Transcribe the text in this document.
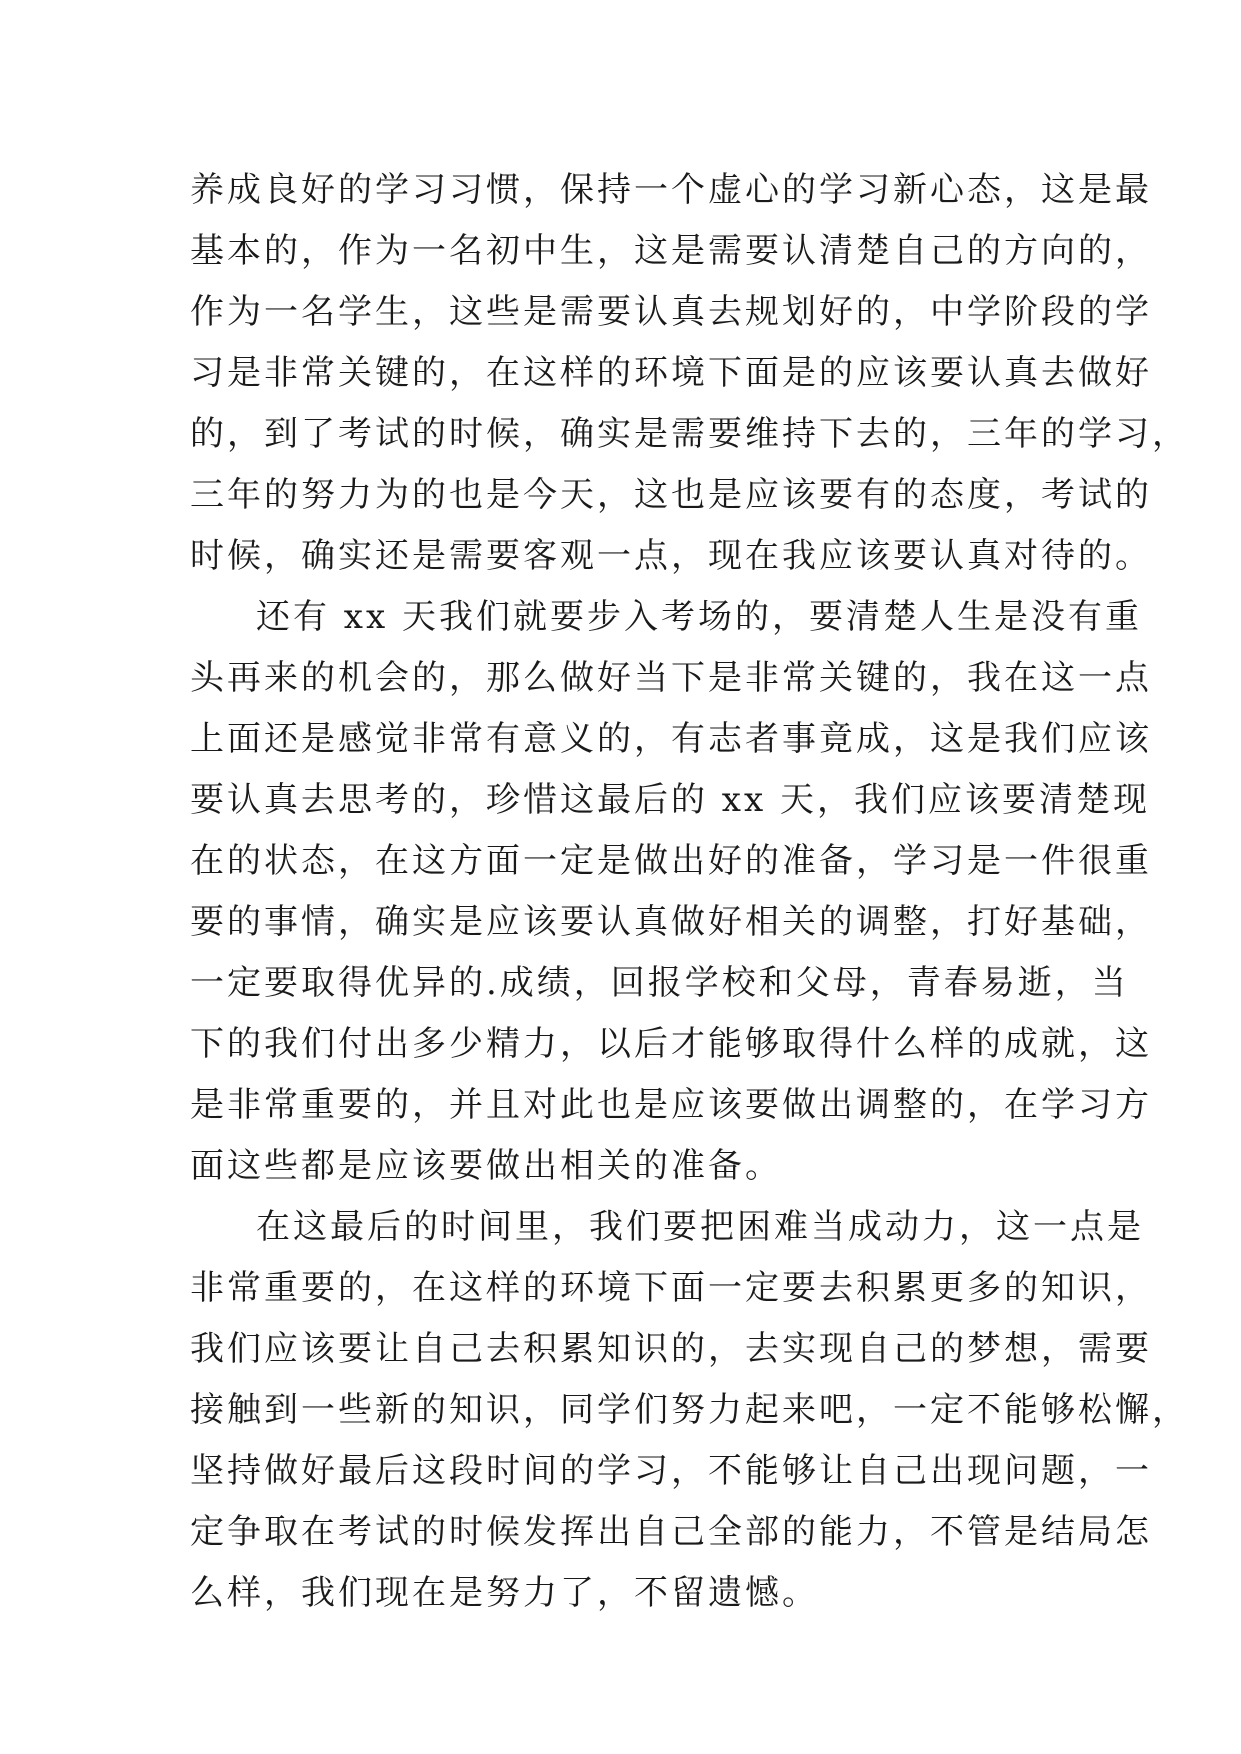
养成良好的学习习惯，保持一个虚心的学习新心态，这是最
基本的，作为一名初中生，这是需要认清楚自己的方向的，
作为一名学生，这些是需要认真去规划好的，中学阶段的学
习是非常关键的，在这样的环境下面是的应该要认真去做好
的，到了考试的时候，确实是需要维持下去的，三年的学习，
三年的努力为的也是今天，这也是应该要有的态度，考试的
时候，确实还是需要客观一点，现在我应该要认真对待的。
还有 xx 天我们就要步入考场的，要清楚人生是没有重
头再来的机会的，那么做好当下是非常关键的，我在这一点
上面还是感觉非常有意义的，有志者事竟成，这是我们应该
要认真去思考的，珍惜这最后的 xx 天，我们应该要清楚现
在的状态，在这方面一定是做出好的准备，学习是一件很重
要的事情，确实是应该要认真做好相关的调整，打好基础，
一定要取得优异的.成绩，回报学校和父母，青春易逝，当
下的我们付出多少精力，以后才能够取得什么样的成就，这
是非常重要的，并且对此也是应该要做出调整的，在学习方
面这些都是应该要做出相关的准备。
在这最后的时间里，我们要把困难当成动力，这一点是
非常重要的，在这样的环境下面一定要去积累更多的知识，
我们应该要让自己去积累知识的，去实现自己的梦想，需要
接触到一些新的知识，同学们努力起来吧，一定不能够松懈，
坚持做好最后这段时间的学习，不能够让自己出现问题，一
定争取在考试的时候发挥出自己全部的能力，不管是结局怎
么样，我们现在是努力了，不留遗憾。
